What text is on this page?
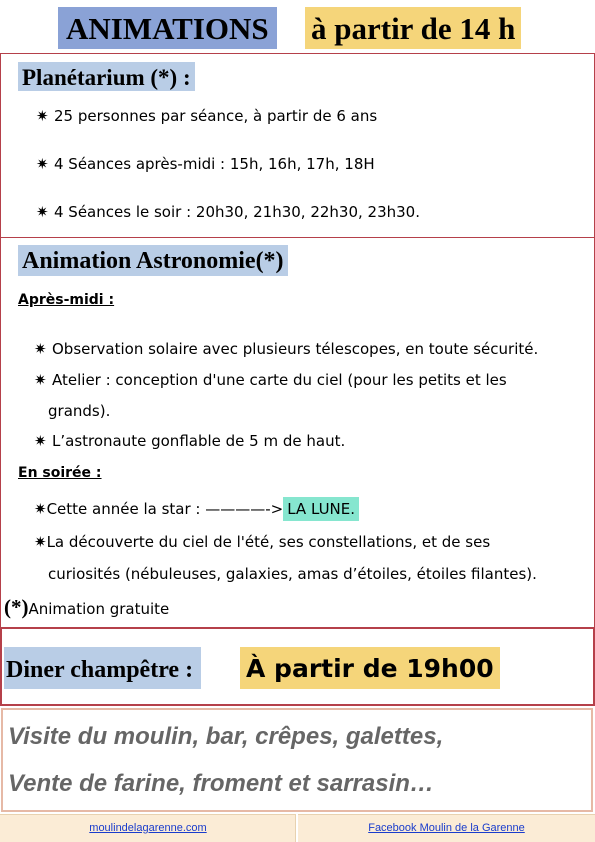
ANIMATIONS à partir de 14 h
Planétarium (*) :
✷ 25 personnes par séance, à partir de 6 ans
✷ 4 Séances après-midi : 15h, 16h, 17h, 18H
✷ 4 Séances le soir : 20h30, 21h30, 22h30, 23h30.
Animation Astronomie(*)
Après-midi :
✷ Observation solaire avec plusieurs télescopes, en toute sécurité.
✷ Atelier : conception d'une carte du ciel (pour les petits et les
grands).
✷ L’astronaute gonflable de 5 m de haut.
En soirée :
✷Cette année la star : ————-> LA LUNE.
✷La découverte du ciel de l'été, ses constellations, et de ses
curiosités (nébuleuses, galaxies, amas d’étoiles, étoiles filantes).
(*)Animation gratuite
Diner champêtre :	À partir de 19h00
Visite du moulin, bar, crêpes, galettes,
Vente de farine, froment et sarrasin…
moulindelagarenne.com	Facebook Moulin de la Garenne
